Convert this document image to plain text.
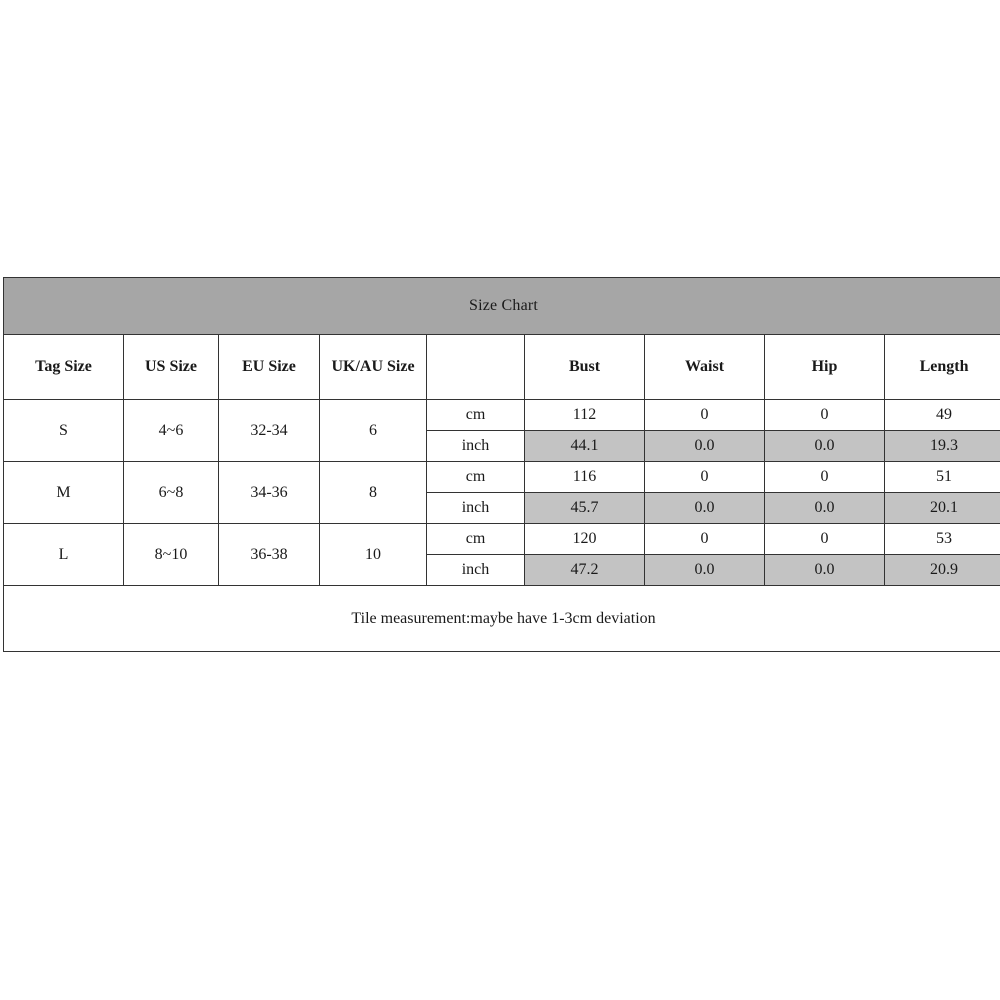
Size Chart								
Tag Size	US Size	EU Size	UK/AU Size		Bust	Waist	Hip	Length
S	4~6	32-34	6	cm	112	0	0	49
				inch	44.1	0.0	0.0	19.3
M	6~8	34-36	8	cm	116	0	0	51
				inch	45.7	0.0	0.0	20.1
L	8~10	36-38	10	cm	120	0	0	53
				inch	47.2	0.0	0.0	20.9
Tile measurement:maybe have 1-3cm deviation								
